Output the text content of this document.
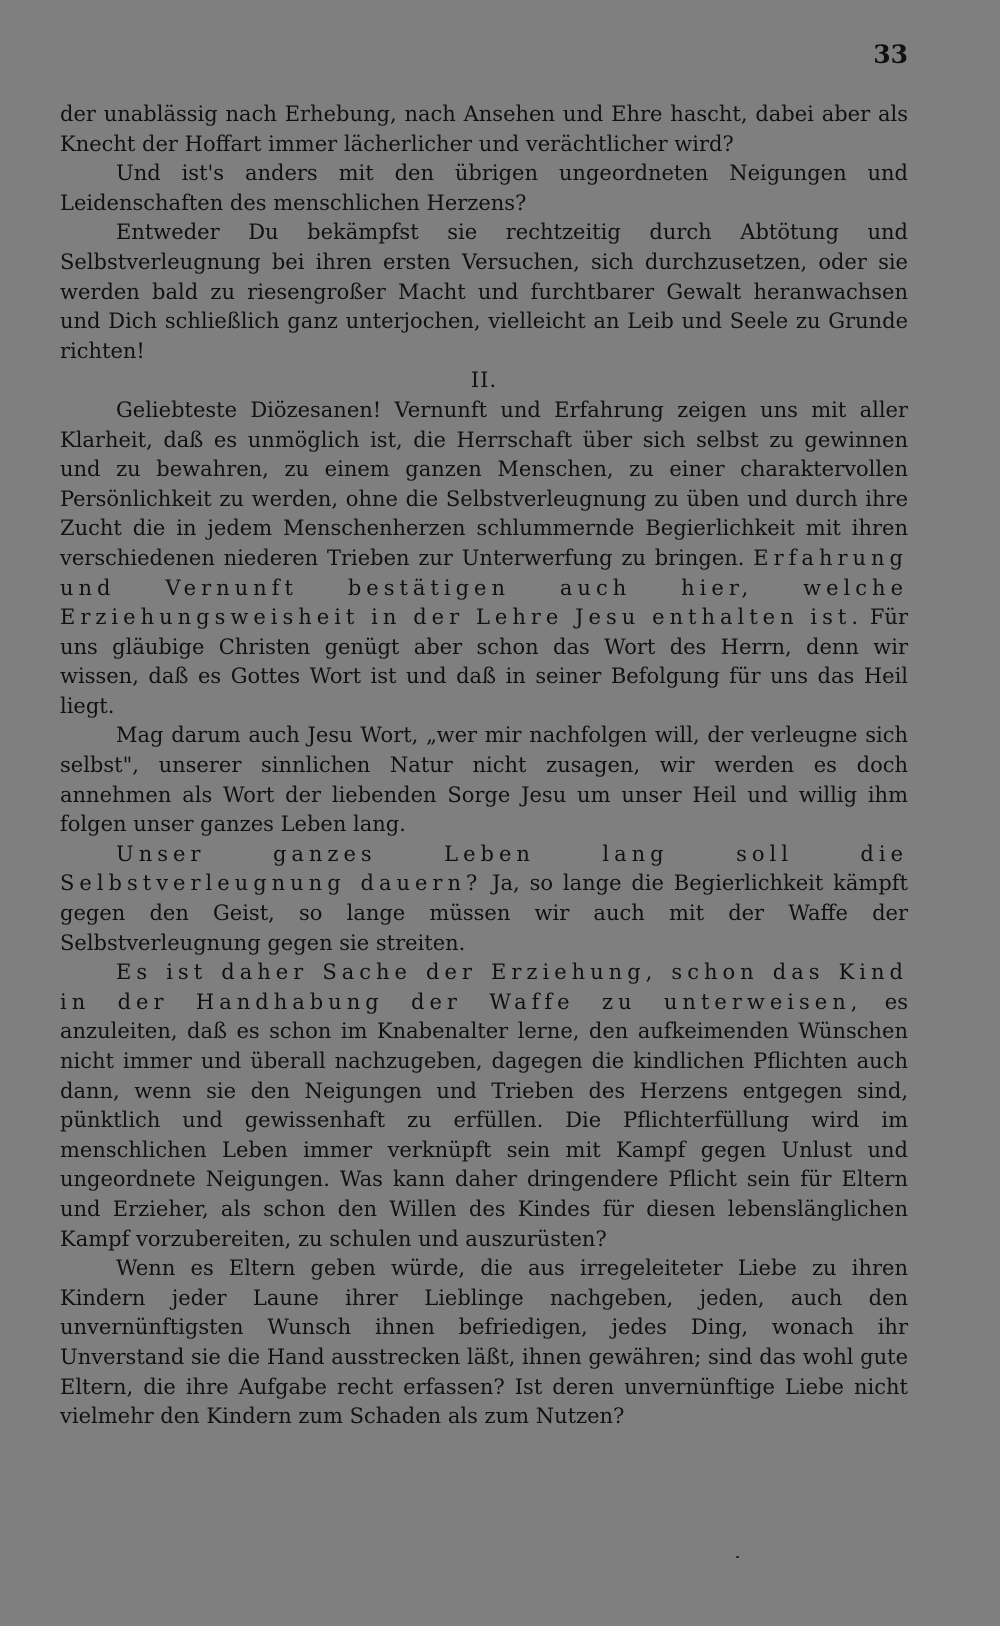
33

der unablässig nach Erhebung, nach Ansehen und Ehre hascht, dabei aber als Knecht der Hoffart immer lächerlicher und verächtlicher wird?

Und ist's anders mit den übrigen ungeordneten Neigungen und Leidenschaften des menschlichen Herzens?

Entweder Du bekämpfst sie rechtzeitig durch Abtötung und Selbstverleugnung bei ihren ersten Versuchen, sich durchzusetzen, oder sie werden bald zu riesengroßer Macht und furchtbarer Gewalt heranwachsen und Dich schließlich ganz unterjochen, vielleicht an Leib und Seele zu Grunde richten!

II.

Geliebteste Diözesanen! Vernunft und Erfahrung zeigen uns mit aller Klarheit, daß es unmöglich ist, die Herrschaft über sich selbst zu gewinnen und zu bewahren, zu einem ganzen Menschen, zu einer charaktervollen Persönlichkeit zu werden, ohne die Selbstverleugnung zu üben und durch ihre Zucht die in jedem Menschenherzen schlummernde Begierlichkeit mit ihren verschiedenen niederen Trieben zur Unterwerfung zu bringen. Erfahrung und Vernunft bestätigen auch hier, welche Erziehungsweisheit in der Lehre Jesu enthalten ist. Für uns gläubige Christen genügt aber schon das Wort des Herrn, denn wir wissen, daß es Gottes Wort ist und daß in seiner Befolgung für uns das Heil liegt.

Mag darum auch Jesu Wort, „wer mir nachfolgen will, der verleugne sich selbst", unserer sinnlichen Natur nicht zusagen, wir werden es doch annehmen als Wort der liebenden Sorge Jesu um unser Heil und willig ihm folgen unser ganzes Leben lang.

Unser ganzes Leben lang soll die Selbstverleugnung dauern? Ja, so lange die Begierlichkeit kämpft gegen den Geist, so lange müssen wir auch mit der Waffe der Selbstverleugnung gegen sie streiten.

Es ist daher Sache der Erziehung, schon das Kind in der Handhabung der Waffe zu unterweisen, es anzuleiten, daß es schon im Knabenalter lerne, den aufkeimenden Wünschen nicht immer und überall nachzugeben, dagegen die kindlichen Pflichten auch dann, wenn sie den Neigungen und Trieben des Herzens entgegen sind, pünktlich und gewissenhaft zu erfüllen. Die Pflichterfüllung wird im menschlichen Leben immer verknüpft sein mit Kampf gegen Unlust und ungeordnete Neigungen. Was kann daher dringendere Pflicht sein für Eltern und Erzieher, als schon den Willen des Kindes für diesen lebenslänglichen Kampf vorzubereiten, zu schulen und auszurüsten?

Wenn es Eltern geben würde, die aus irregeleiteter Liebe zu ihren Kindern jeder Laune ihrer Lieblinge nachgeben, jeden, auch den unvernünftigsten Wunsch ihnen befriedigen, jedes Ding, wonach ihr Unverstand sie die Hand ausstrecken läßt, ihnen gewähren; sind das wohl gute Eltern, die ihre Aufgabe recht erfassen? Ist deren unvernünftige Liebe nicht vielmehr den Kindern zum Schaden als zum Nutzen?
